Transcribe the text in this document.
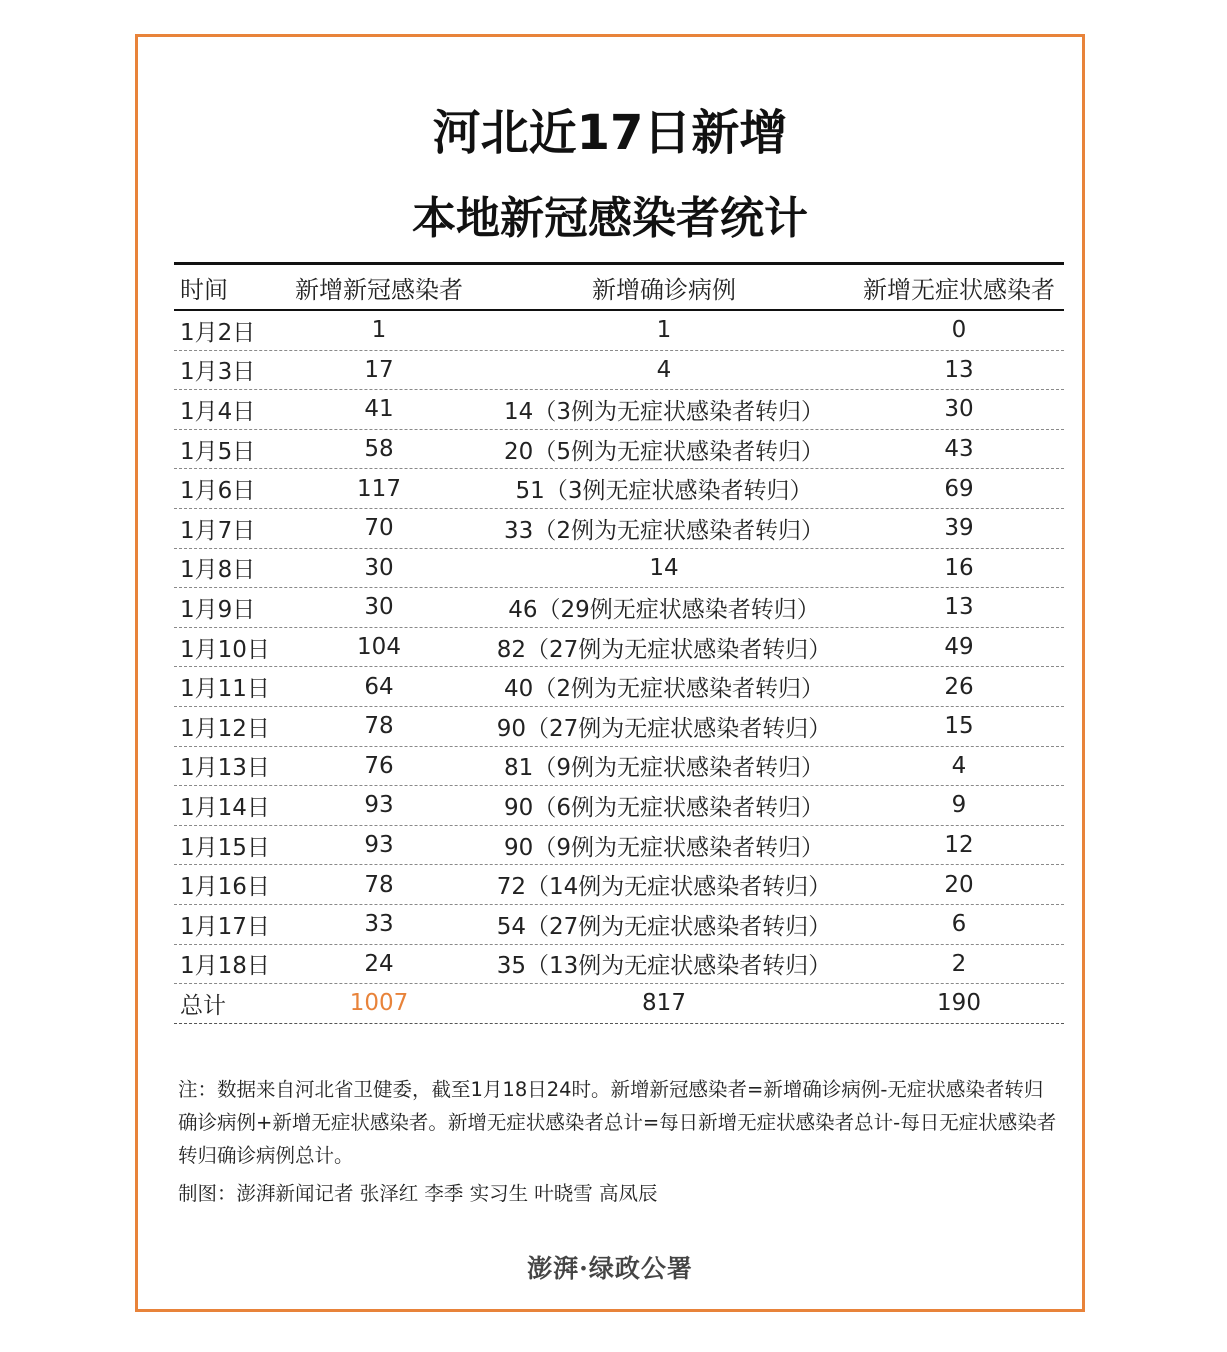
河北近17日新增
本地新冠感染者统计
时间	新增新冠感染者	新增确诊病例	新增无症状感染者
1月2日	1	1	0
1月3日	17	4	13
1月4日	41	14（3例为无症状感染者转归）	30
1月5日	58	20（5例为无症状感染者转归）	43
1月6日	117	51（3例无症状感染者转归）	69
1月7日	70	33（2例为无症状感染者转归）	39
1月8日	30	14	16
1月9日	30	46（29例无症状感染者转归）	13
1月10日	104	82（27例为无症状感染者转归）	49
1月11日	64	40（2例为无症状感染者转归）	26
1月12日	78	90（27例为无症状感染者转归）	15
1月13日	76	81（9例为无症状感染者转归）	4
1月14日	93	90（6例为无症状感染者转归）	9
1月15日	93	90（9例为无症状感染者转归）	12
1月16日	78	72（14例为无症状感染者转归）	20
1月17日	33	54（27例为无症状感染者转归）	6
1月18日	24	35（13例为无症状感染者转归）	2
总计	1007	817	190

注：数据来自河北省卫健委，截至1月18日24时。新增新冠感染者=新增确诊病例-无症状感染者转归确诊病例+新增无症状感染者。新增无症状感染者总计=每日新增无症状感染者总计-每日无症状感染者转归确诊病例总计。

制图：澎湃新闻记者 张泽红 李季 实习生 叶晓雪 高凤辰

澎湃·绿政公署
